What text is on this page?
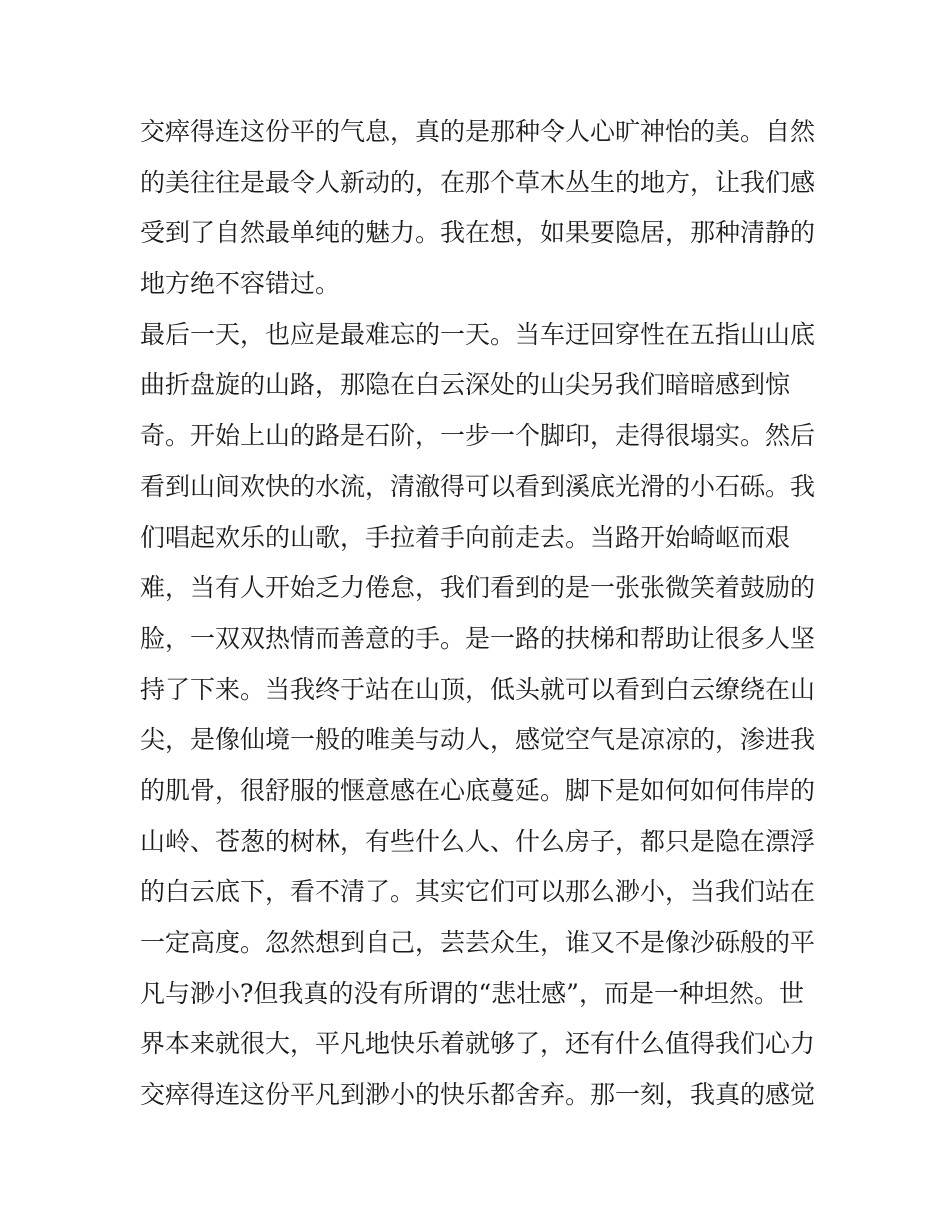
交瘁得连这份平的气息，真的是那种令人心旷神怡的美。自然
的美往往是最令人新动的，在那个草木丛生的地方，让我们感
受到了自然最单纯的魅力。我在想，如果要隐居，那种清静的
地方绝不容错过。
最后一天，也应是最难忘的一天。当车迂回穿性在五指山山底
曲折盘旋的山路，那隐在白云深处的山尖另我们暗暗感到惊
奇。开始上山的路是石阶，一步一个脚印，走得很塌实。然后
看到山间欢快的水流，清澈得可以看到溪底光滑的小石砾。我
们唱起欢乐的山歌，手拉着手向前走去。当路开始崎岖而艰
难，当有人开始乏力倦怠，我们看到的是一张张微笑着鼓励的
脸，一双双热情而善意的手。是一路的扶梯和帮助让很多人坚
持了下来。当我终于站在山顶，低头就可以看到白云缭绕在山
尖，是像仙境一般的唯美与动人，感觉空气是凉凉的，渗进我
的肌骨，很舒服的惬意感在心底蔓延。脚下是如何如何伟岸的
山岭、苍葱的树林，有些什么人、什么房子，都只是隐在漂浮
的白云底下，看不清了。其实它们可以那么渺小，当我们站在
一定高度。忽然想到自己，芸芸众生，谁又不是像沙砾般的平
凡与渺小?但我真的没有所谓的“悲壮感”，而是一种坦然。世
界本来就很大，平凡地快乐着就够了，还有什么值得我们心力
交瘁得连这份平凡到渺小的快乐都舍弃。那一刻，我真的感觉
